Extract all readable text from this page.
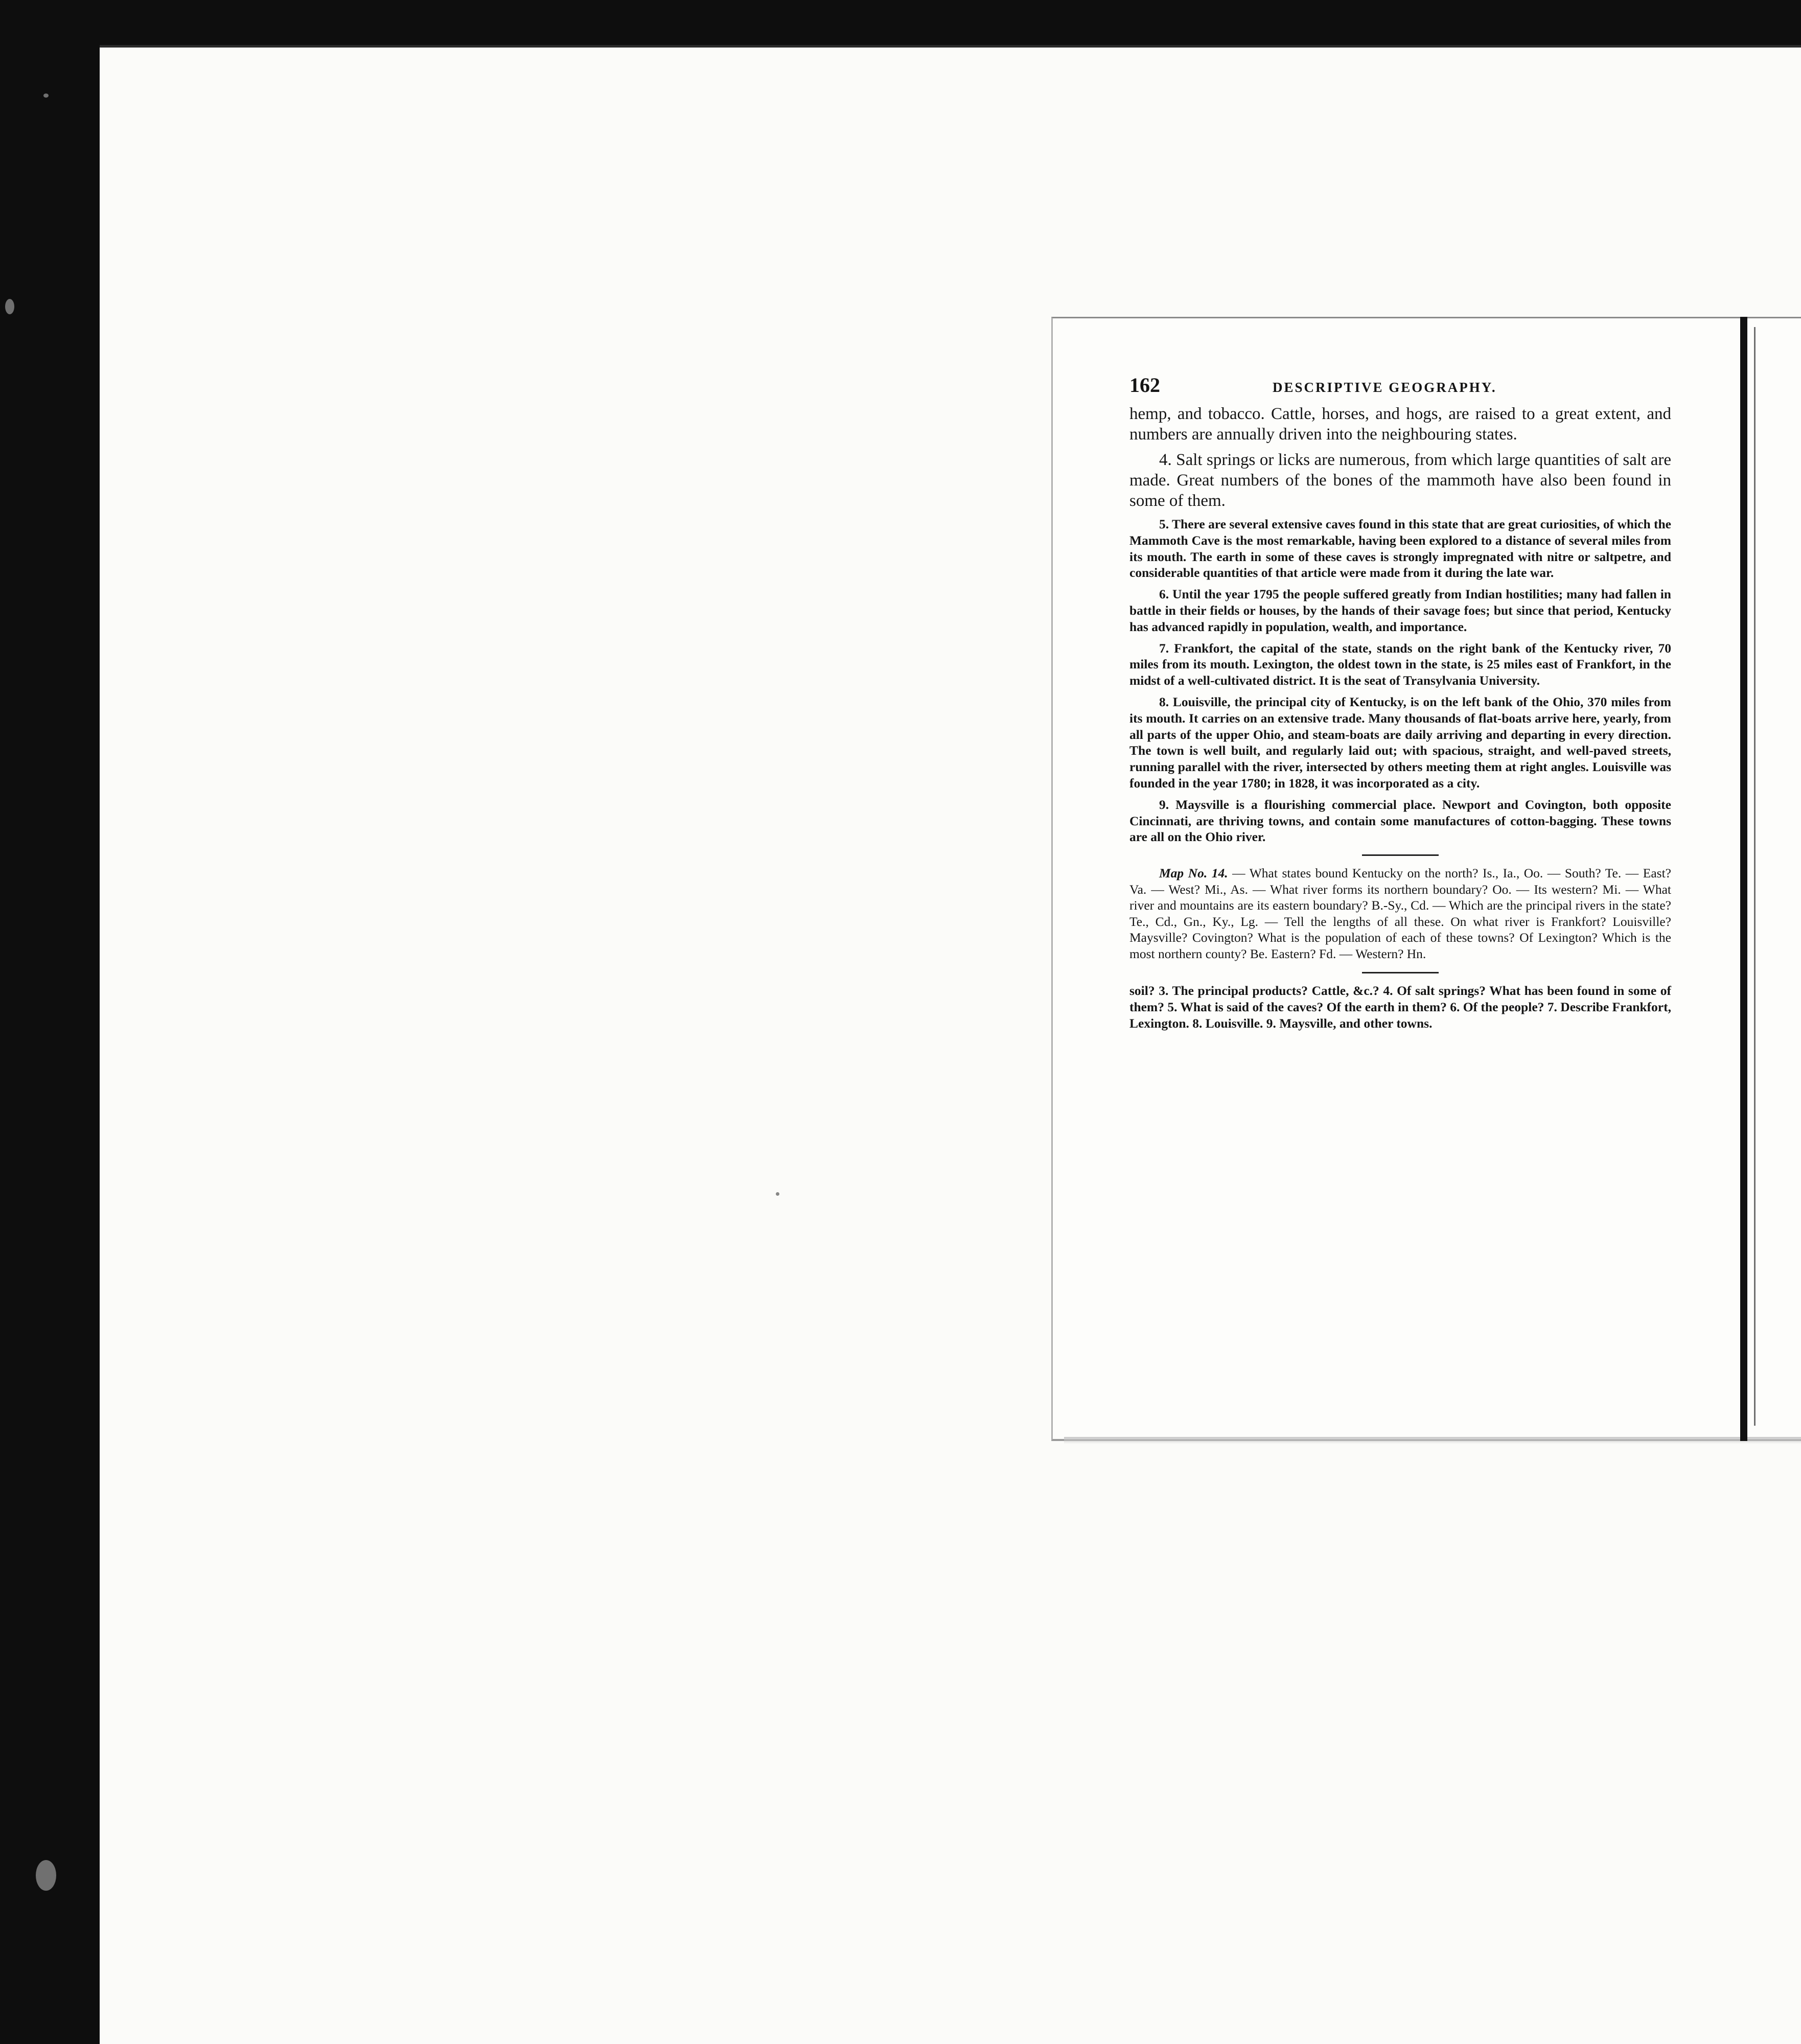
162	DESCRIPTIVE GEOGRAPHY.

hemp, and tobacco. Cattle, horses, and hogs, are raised to a great extent, and numbers are annually driven into the neighbouring states.

4. Salt springs or licks are numerous, from which large quantities of salt are made. Great numbers of the bones of the mammoth have also been found in some of them.

5. There are several extensive caves found in this state that are great curiosities, of which the Mammoth Cave is the most remarkable, having been explored to a distance of several miles from its mouth. The earth in some of these caves is strongly impregnated with nitre or saltpetre, and considerable quantities of that article were made from it during the late war.

6. Until the year 1795 the people suffered greatly from Indian hostilities; many had fallen in battle in their fields or houses, by the hands of their savage foes; but since that period, Kentucky has advanced rapidly in population, wealth, and importance.

7. Frankfort, the capital of the state, stands on the right bank of the Kentucky river, 70 miles from its mouth. Lexington, the oldest town in the state, is 25 miles east of Frankfort, in the midst of a well-cultivated district. It is the seat of Transylvania University.

8. Louisville, the principal city of Kentucky, is on the left bank of the Ohio, 370 miles from its mouth. It carries on an extensive trade. Many thousands of flat-boats arrive here, yearly, from all parts of the upper Ohio, and steam-boats are daily arriving and departing in every direction. The town is well built, and regularly laid out; with spacious, straight, and well-paved streets, running parallel with the river, intersected by others meeting them at right angles. Louisville was founded in the year 1780; in 1828, it was incorporated as a city.

9. Maysville is a flourishing commercial place. Newport and Covington, both opposite Cincinnati, are thriving towns, and contain some manufactures of cotton-bagging. These towns are all on the Ohio river.

Map No. 14. — What states bound Kentucky on the north? Is., Ia., Oo. — South? Te. — East? Va. — West? Mi., As. — What river forms its northern boundary? Oo. — Its western? Mi. — What river and mountains are its eastern boundary? B.-Sy., Cd. — Which are the principal rivers in the state? Te., Cd., Gn., Ky., Lg. — Tell the lengths of all these. On what river is Frankfort? Louisville? Maysville? Covington? What is the population of each of these towns? Of Lexington? Which is the most northern county? Be. Eastern? Fd. — Western? Hn.

soil? 3. The principal products? Cattle, &c.? 4. Of salt springs? What has been found in some of them? 5. What is said of the caves? Of the earth in them? 6. Of the people? 7. Describe Frankfort, Lexington. 8. Louisville. 9. Maysville, and other towns.
